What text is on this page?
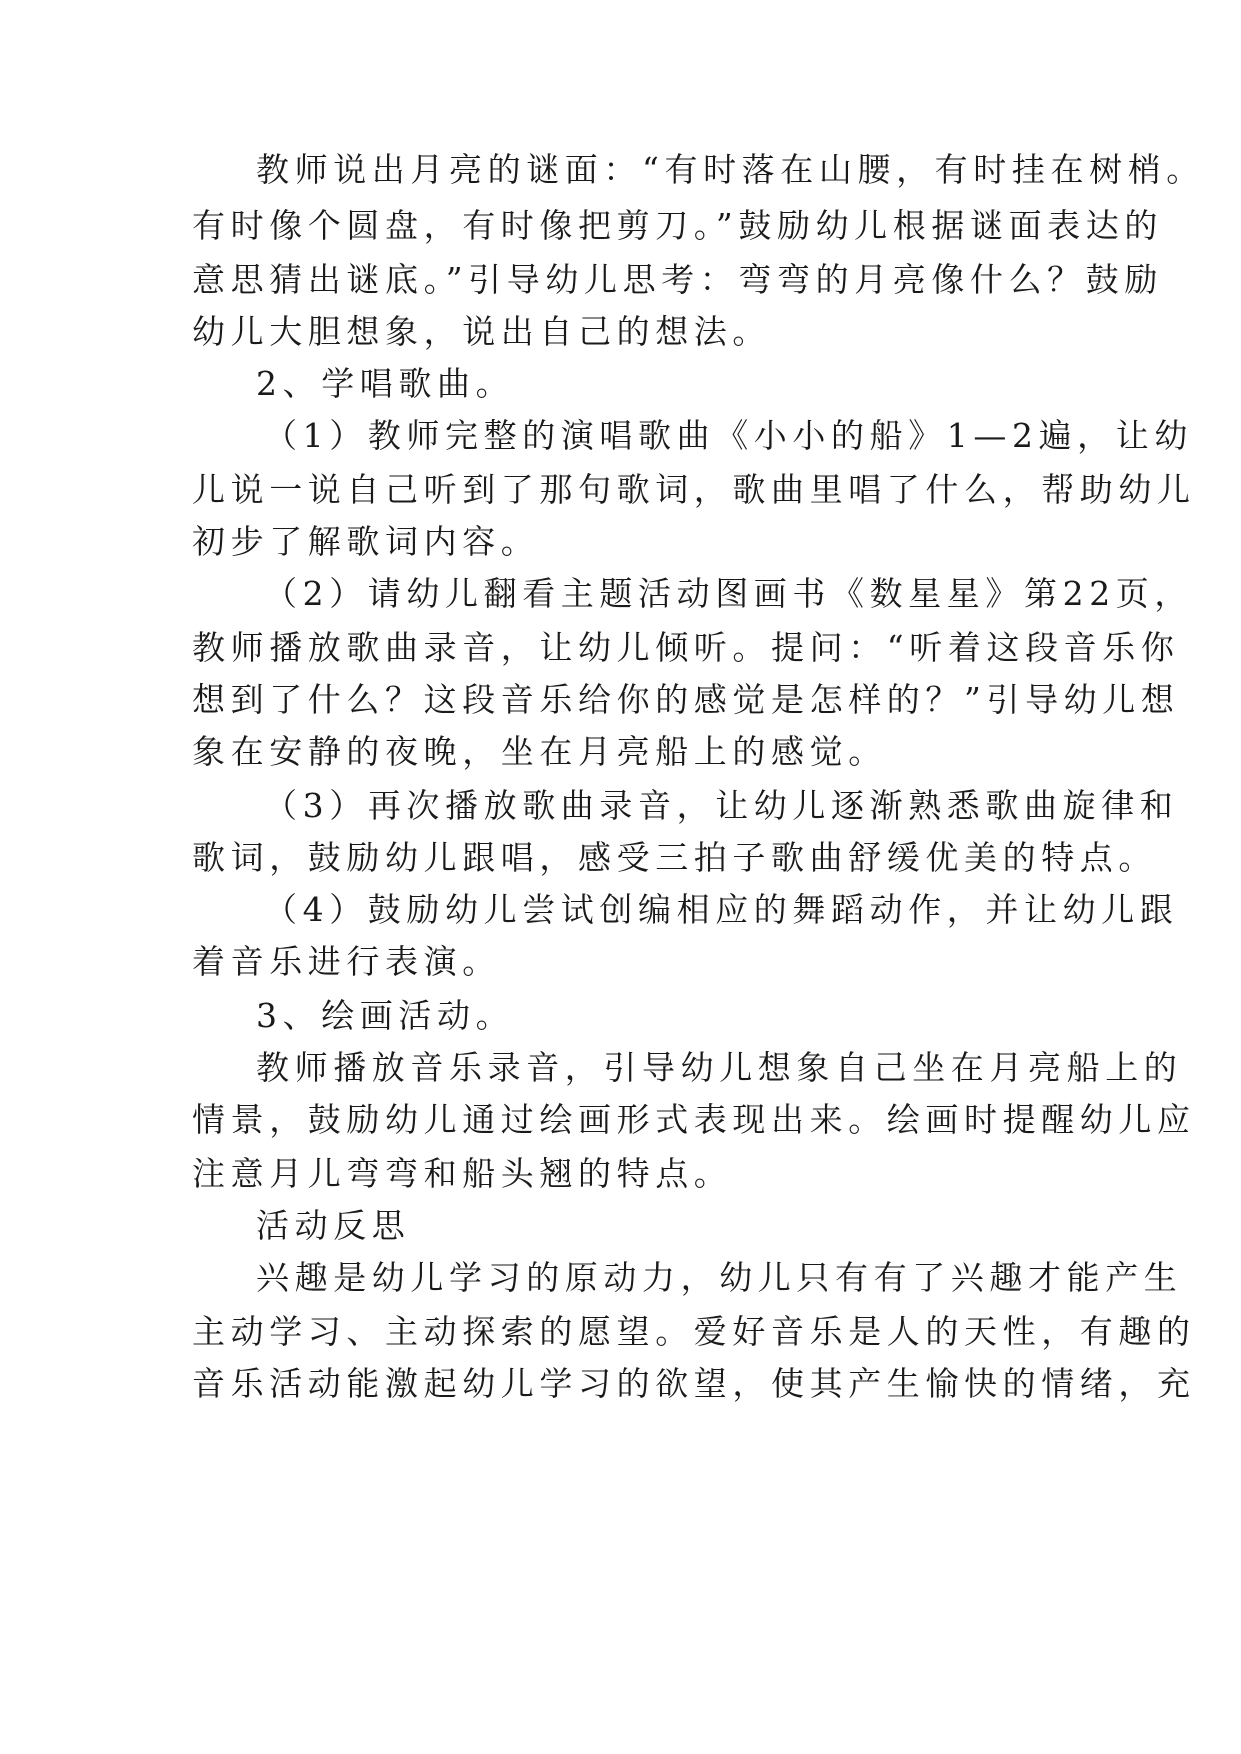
教师说出月亮的谜面：“有时落在山腰，有时挂在树梢。
有时像个圆盘，有时像把剪刀。”鼓励幼儿根据谜面表达的
意思猜出谜底。”引导幼儿思考：弯弯的月亮像什么？鼓励
幼儿大胆想象，说出自己的想法。
2、学唱歌曲。
（1）教师完整的演唱歌曲《小小的船》1—2遍，让幼
儿说一说自己听到了那句歌词，歌曲里唱了什么，帮助幼儿
初步了解歌词内容。
（2）请幼儿翻看主题活动图画书《数星星》第22页，
教师播放歌曲录音，让幼儿倾听。提问：“听着这段音乐你
想到了什么？这段音乐给你的感觉是怎样的？”引导幼儿想
象在安静的夜晚，坐在月亮船上的感觉。
（3）再次播放歌曲录音，让幼儿逐渐熟悉歌曲旋律和
歌词，鼓励幼儿跟唱，感受三拍子歌曲舒缓优美的特点。
（4）鼓励幼儿尝试创编相应的舞蹈动作，并让幼儿跟
着音乐进行表演。
3、绘画活动。
教师播放音乐录音，引导幼儿想象自己坐在月亮船上的
情景，鼓励幼儿通过绘画形式表现出来。绘画时提醒幼儿应
注意月儿弯弯和船头翘的特点。
活动反思
兴趣是幼儿学习的原动力，幼儿只有有了兴趣才能产生
主动学习、主动探索的愿望。爱好音乐是人的天性，有趣的
音乐活动能激起幼儿学习的欲望，使其产生愉快的情绪，充
